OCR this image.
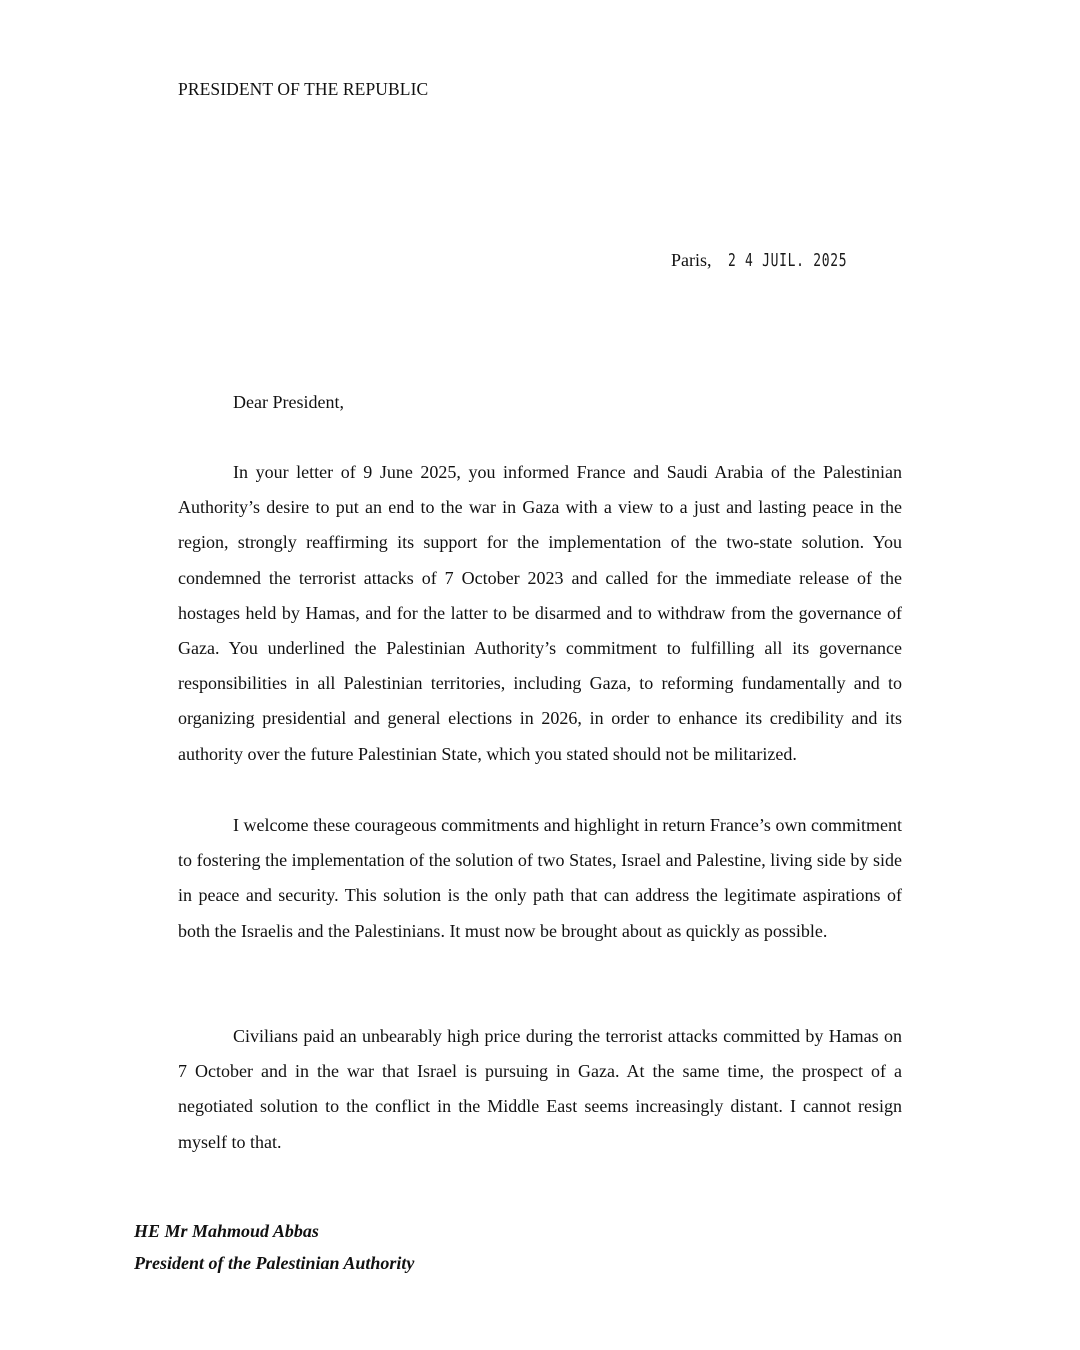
PRESIDENT OF THE REPUBLIC
Paris, 2 4 JUIL. 2025
Dear President,

In your letter of 9 June 2025, you informed France and Saudi Arabia of the Palestinian Authority’s desire to put an end to the war in Gaza with a view to a just and lasting peace in the region, strongly reaffirming its support for the implementation of the two-state solution. You condemned the terrorist attacks of 7 October 2023 and called for the immediate release of the hostages held by Hamas, and for the latter to be disarmed and to withdraw from the governance of Gaza. You underlined the Palestinian Authority’s commitment to fulfilling all its governance responsibilities in all Palestinian territories, including Gaza, to reforming fundamentally and to organizing presidential and general elections in 2026, in order to enhance its credibility and its authority over the future Palestinian State, which you stated should not be militarized.

I welcome these courageous commitments and highlight in return France’s own commitment to fostering the implementation of the solution of two States, Israel and Palestine, living side by side in peace and security. This solution is the only path that can address the legitimate aspirations of both the Israelis and the Palestinians. It must now be brought about as quickly as possible.

Civilians paid an unbearably high price during the terrorist attacks committed by Hamas on 7 October and in the war that Israel is pursuing in Gaza. At the same time, the prospect of a negotiated solution to the conflict in the Middle East seems increasingly distant. I cannot resign myself to that.

HE Mr Mahmoud Abbas
President of the Palestinian Authority
